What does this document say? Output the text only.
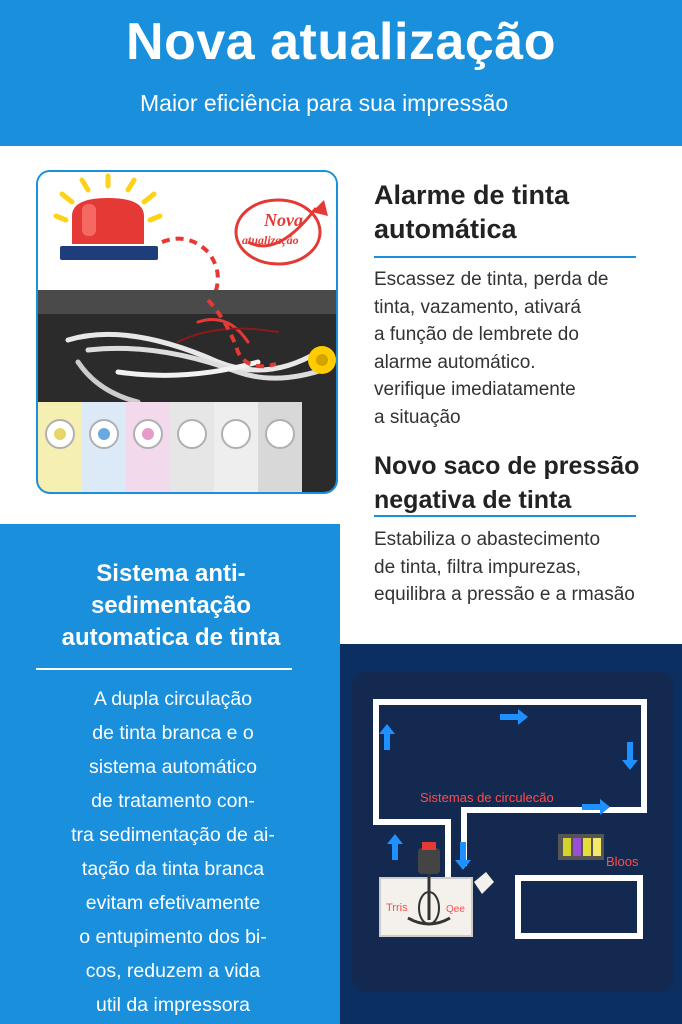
Nova atualização
Maior eficiência para sua impressão
Nova
atualização
Alarme de tinta
automática
Escassez de tinta, perda de
tinta, vazamento, ativará
a função de lembrete do
alarme automático.
verifique imediatamente
a situação
Novo saco de pressão
negativa de tinta
Estabiliza o abastecimento
de tinta, filtra impurezas,
equilibra a pressão e a rmasão
Sistema anti-
sedimentação
automatica de tinta
A dupla circulação
de tinta branca e o
sistema automático
de tratamento con-
tra sedimentação de ai-
tação da tinta branca
evitam efetivamente
o entupimento dos bi-
cos, reduzem a vida
util da impressora
Sistemas de circulecão
Bloos
Trris	Qee
